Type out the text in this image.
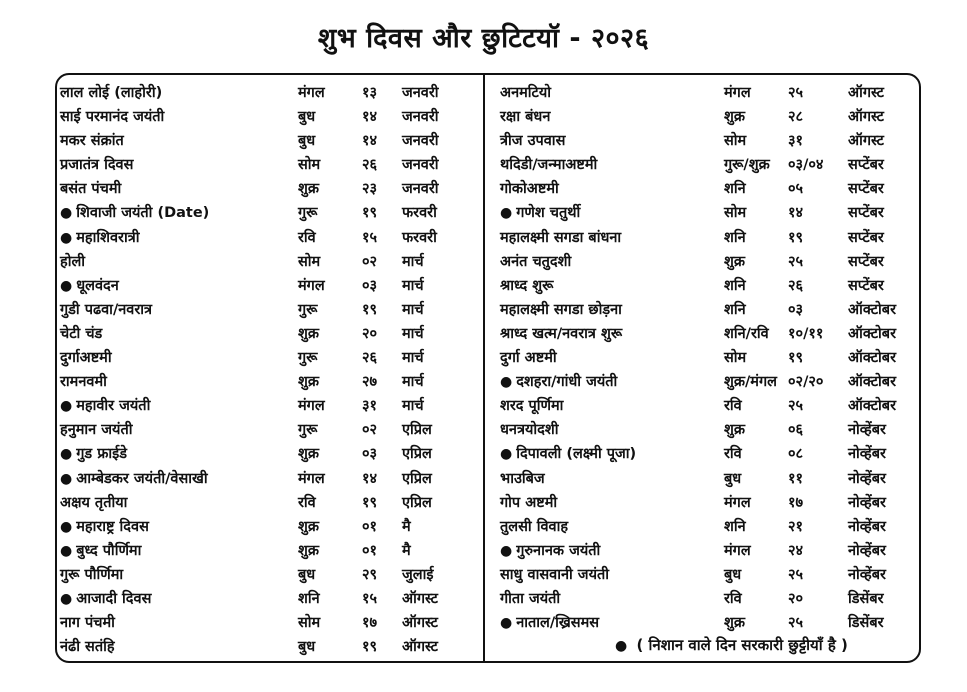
शुभ दिवस और छुटिटयॉ - २०२६
लाल लोई (लाहोरी)	मंगल	१३ जनवरी
साई परमानंद जयंती	बुध	१४ जनवरी
मकर संक्रांत	बुध	१४ जनवरी
प्रजातंत्र दिवस	सोम	२६ जनवरी
बसंत पंचमी	शुक्र	२३ जनवरी
● शिवाजी जयंती (Date)	गुरू	१९ फरवरी
● महाशिवरात्री	रवि	१५ फरवरी
होली	सोम	०२ मार्च
● धूलवंदन	मंगल	०३ मार्च
गुडी पढवा/नवरात्र	गुरू	१९ मार्च
चेटी चंड	शुक्र	२० मार्च
दुर्गाअष्टमी	गुरू	२६ मार्च
रामनवमी	शुक्र	२७ मार्च
● महावीर जयंती	मंगल	३१ मार्च
हनुमान जयंती	गुरू	०२ एप्रिल
● गुड फ्राईडे	शुक्र	०३ एप्रिल
● आम्बेडकर जयंती/वेसाखी	मंगल	१४ एप्रिल
अक्षय तृतीया	रवि	१९ एप्रिल
● महाराष्ट्र दिवस	शुक्र	०१ मै
● बुध्द पौर्णिमा	शुक्र	०१ मै
गुरू पौर्णिमा	बुध	२९ जुलाई
● आजादी दिवस	शनि	१५ ऑगस्ट
नाग पंचमी	सोम	१७ ऑगस्ट
नंढी सतंहि	बुध	१९ ऑगस्ट
अनमटियो	मंगल	२५	ऑगस्ट
रक्षा बंधन	शुक्र	२८	ऑगस्ट
त्रीज उपवास	सोम	३१	ऑगस्ट
थदिडी/जन्माअष्टमी	गुरू/शुक्र ०३/०४ सप्टेंबर
गोकोअष्टमी	शनि	०५	सप्टेंबर
● गणेश चतुर्थी	सोम	१४	सप्टेंबर
महालक्ष्मी सगडा बांधना	शनि	१९	सप्टेंबर
अनंत चतुदशी	शुक्र	२५	सप्टेंबर
श्राध्द शुरू	शनि	२६	सप्टेंबर
महालक्ष्मी सगडा छोड़ना	शनि	०३	ऑक्टोबर
श्राध्द खत्म/नवरात्र शुरू	शनि/रवि १०/११ ऑक्टोबर
दुर्गा अष्टमी	सोम	१९	ऑक्टोबर
● दशहरा/गांधी जयंती	शुक्र/मंगल ०२/२० ऑक्टोबर
शरद पूर्णिमा	रवि	२५	ऑक्टोबर
धनत्रयोदशी	शुक्र	०६	नोव्हेंबर
● दिपावली (लक्ष्मी पूजा)	रवि	०८	नोव्हेंबर
भाउबिज	बुध	११	नोव्हेंबर
गोप अष्टमी	मंगल	१७	नोव्हेंबर
तुलसी विवाह	शनि	२१	नोव्हेंबर
● गुरुनानक जयंती	मंगल	२४	नोव्हेंबर
साधु वासवानी जयंती	बुध	२५	नोव्हेंबर
गीता जयंती	रवि	२०	डिसेंबर
● नाताल/ख्रिसमस	शुक्र	२५	डिसेंबर
● ( निशान वाले दिन सरकारी छुट्टीयाँ है )
